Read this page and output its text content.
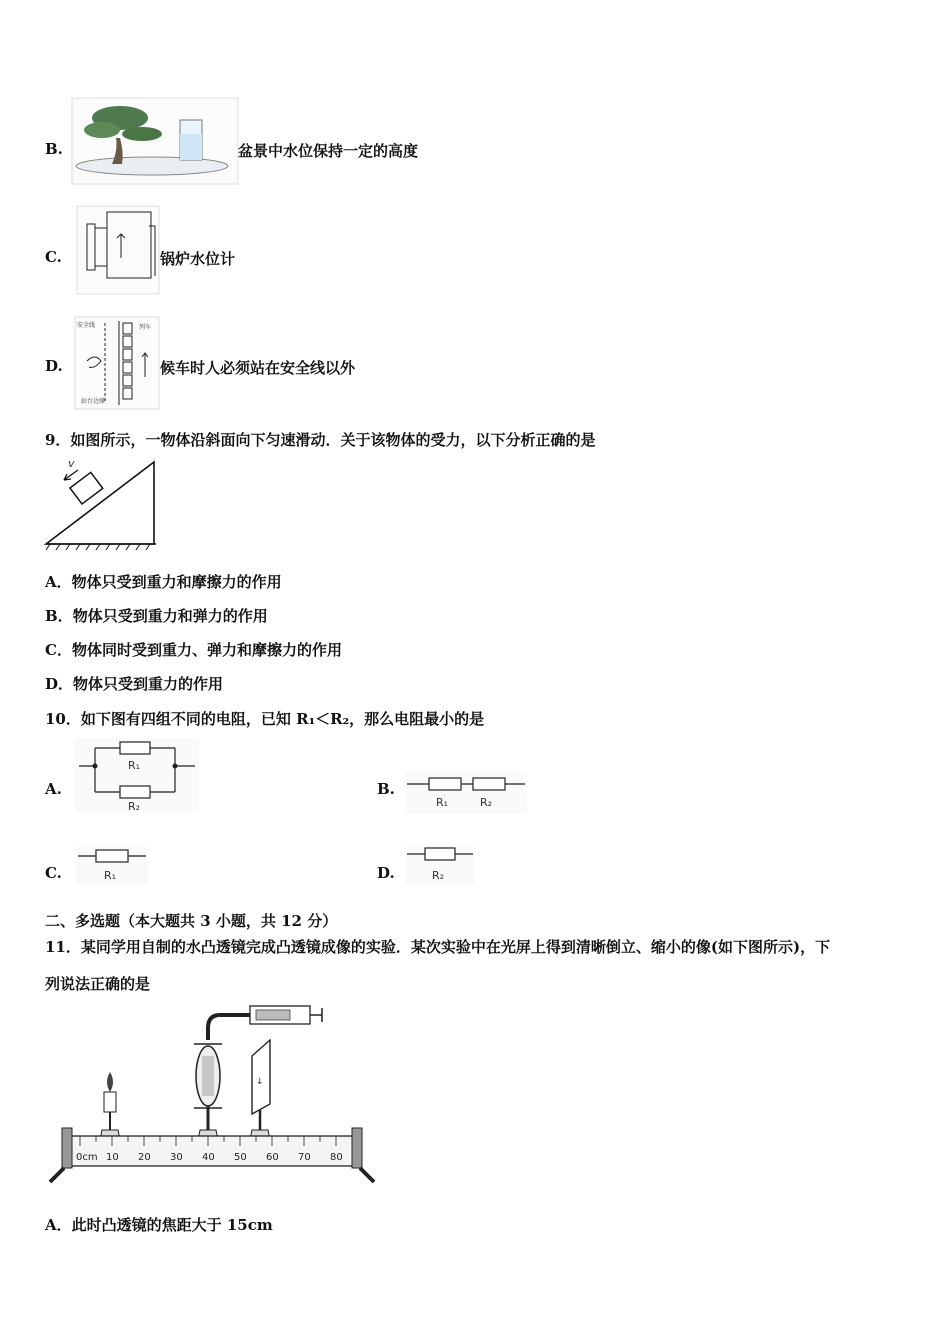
B.	盆景中水位保持一定的高度
C.	锅炉水位计
D.
安全线	列车
站台边缘
候车时人必须站在安全线以外
9．如图所示，一物体沿斜面向下匀速滑动．关于该物体的受力，以下分析正确的是
v
A．物体只受到重力和摩擦力的作用
B．物体只受到重力和弹力的作用
C．物体同时受到重力、弹力和摩擦力的作用
D．物体只受到重力的作用
10．如下图有四组不同的电阻，已知 R₁＜R₂，那么电阻最小的是
A.
R₁
R₂
B.
R₁	R₂
C.	R₁	D.	R₂
二、多选题（本大题共 3 小题，共 12 分）
11．某同学用自制的水凸透镜完成凸透镜成像的实验．某次实验中在光屏上得到清晰倒立、缩小的像(如下图所示)，下
列说法正确的是
↓
0cm 10 20 30 40 50 60 70 80
A．此时凸透镜的焦距大于 15cm
